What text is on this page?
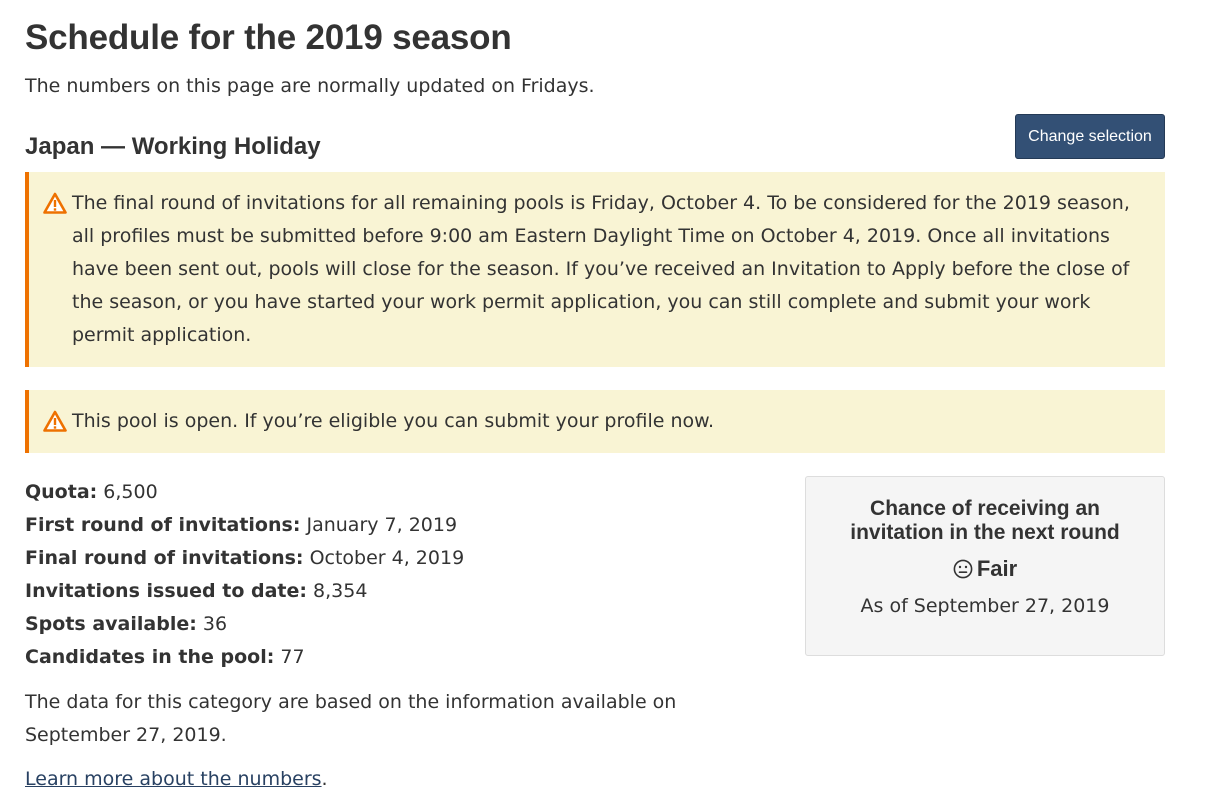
Schedule for the 2019 season

The numbers on this page are normally updated on Fridays.

Japan — Working Holiday	Change selection
The final round of invitations for all remaining pools is Friday, October 4. To be considered for the 2019 season, all profiles must be submitted before 9:00 am Eastern Daylight Time on October 4, 2019. Once all invitations have been sent out, pools will close for the season. If you’ve received an Invitation to Apply before the close of the season, or you have started your work permit application, you can still complete and submit your work permit application.
This pool is open. If you’re eligible you can submit your profile now.
Quota: 6,500
First round of invitations: January 7, 2019
Final round of invitations: October 4, 2019
Invitations issued to date: 8,354
Spots available: 36
Candidates in the pool: 77

The data for this category are based on the information available on September 27, 2019.

Learn more about the numbers.

Chance of receiving an invitation in the next round
Fair
As of September 27, 2019
